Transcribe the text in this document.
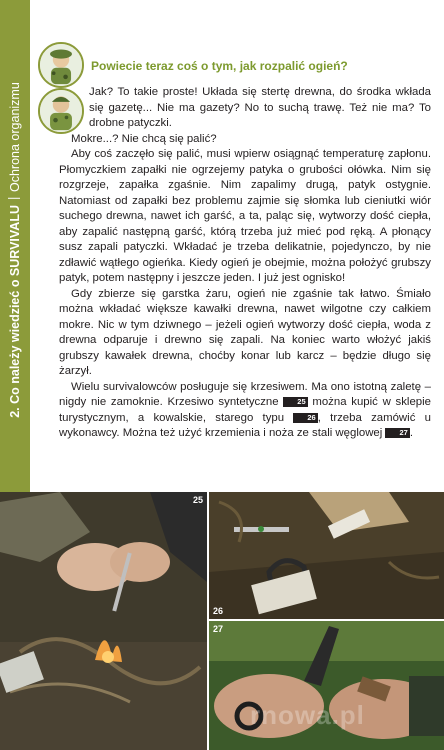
2. Co należy wiedzieć o SURVIVALUOchrona organizmu
Powiecie teraz coś o tym, jak rozpalić ogień?

Jak? To takie proste! Układa się stertę drewna, do środka wkłada się gazetę... Nie ma gazety? No to suchą trawę. Też nie ma? To drobne patyczki.

Mokre...? Nie chcą się palić?

Aby coś zaczęło się palić, musi wpierw osiągnąć temperaturę zapłonu. Płomyczkiem zapałki nie ogrzejemy patyka o grubości ołówka. Nim się rozgrzeje, zapałka zgaśnie. Nim zapalimy drugą, patyk ostygnie. Natomiast od zapałki bez problemu zajmie się słomka lub cieniutki wiór suchego drewna, nawet ich garść, a ta, paląc się, wytworzy dość ciepła, aby zapalić następną garść, którą trzeba już mieć pod ręką. A płonący susz zapali patyczki. Wkładać je trzeba delikatnie, pojedynczo, by nie zdławić wątłego ogieńka. Kiedy ogień je obejmie, można położyć grubszy patyk, potem następny i jeszcze jeden. I już jest ognisko!

Gdy zbierze się garstka żaru, ogień nie zgaśnie tak łatwo. Śmiało można wkładać większe kawałki drewna, nawet wilgotne czy całkiem mokre. Nic w tym dziwnego – jeżeli ogień wytworzy dość ciepła, woda z drewna odparuje i drewno się zapali. Na koniec warto włożyć jakiś grubszy kawałek drewna, choćby konar lub karcz – będzie długo się żarzył.

Wielu survivalowców posługuje się krzesiwem. Ma ono istotną zaletę – nigdy nie zamoknie. Krzesiwo syntetyczne 25 można kupić w sklepie turystycznym, a kowalskie, starego typu	26 , trzeba zamówić u wykonawcy. Można też użyć krzemienia i noża ze stali węglowej 27 .

25
26
27
rnowa.pl
